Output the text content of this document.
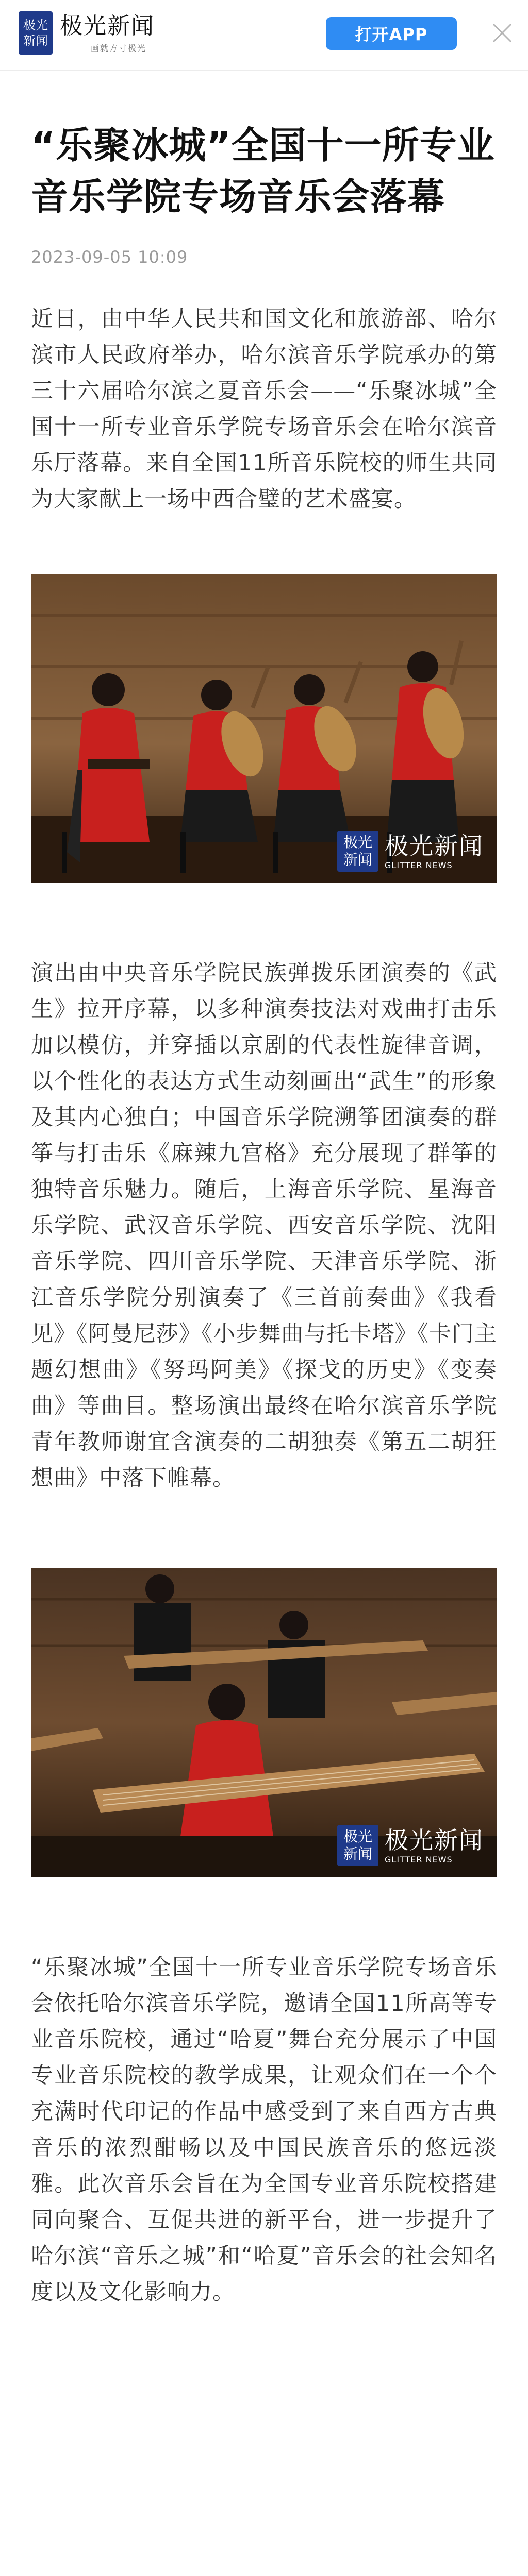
极光
新闻
极光新闻
画就方寸极光
打开APP
“乐聚冰城”全国十一所专业音乐学院专场音乐会落幕
2023-09-05 10:09

近日，由中华人民共和国文化和旅游部、哈尔滨市人民政府举办，哈尔滨音乐学院承办的第三十六届哈尔滨之夏音乐会——“乐聚冰城”全国十一所专业音乐学院专场音乐会在哈尔滨音乐厅落幕。来自全国11所音乐院校的师生共同为大家献上一场中西合璧的艺术盛宴。

极光
新闻 极光新闻
GLITTER NEWS

演出由中央音乐学院民族弹拨乐团演奏的《武生》拉开序幕，以多种演奏技法对戏曲打击乐加以模仿，并穿插以京剧的代表性旋律音调，以个性化的表达方式生动刻画出“武生”的形象及其内心独白；中国音乐学院溯筝团演奏的群筝与打击乐《麻辣九宫格》充分展现了群筝的独特音乐魅力。随后，上海音乐学院、星海音乐学院、武汉音乐学院、西安音乐学院、沈阳音乐学院、四川音乐学院、天津音乐学院、浙江音乐学院分别演奏了《三首前奏曲》《我看见》《阿曼尼莎》《小步舞曲与托卡塔》《卡门主题幻想曲》《努玛阿美》《探戈的历史》《变奏曲》等曲目。整场演出最终在哈尔滨音乐学院青年教师谢宜含演奏的二胡独奏《第五二胡狂想曲》中落下帷幕。

极光
新闻 极光新闻
GLITTER NEWS

“乐聚冰城”全国十一所专业音乐学院专场音乐会依托哈尔滨音乐学院，邀请全国11所高等专业音乐院校，通过“哈夏”舞台充分展示了中国专业音乐院校的教学成果，让观众们在一个个充满时代印记的作品中感受到了来自西方古典音乐的浓烈酣畅以及中国民族音乐的悠远淡雅。此次音乐会旨在为全国专业音乐院校搭建同向聚合、互促共进的新平台，进一步提升了哈尔滨“音乐之城”和“哈夏”音乐会的社会知名度以及文化影响力。
